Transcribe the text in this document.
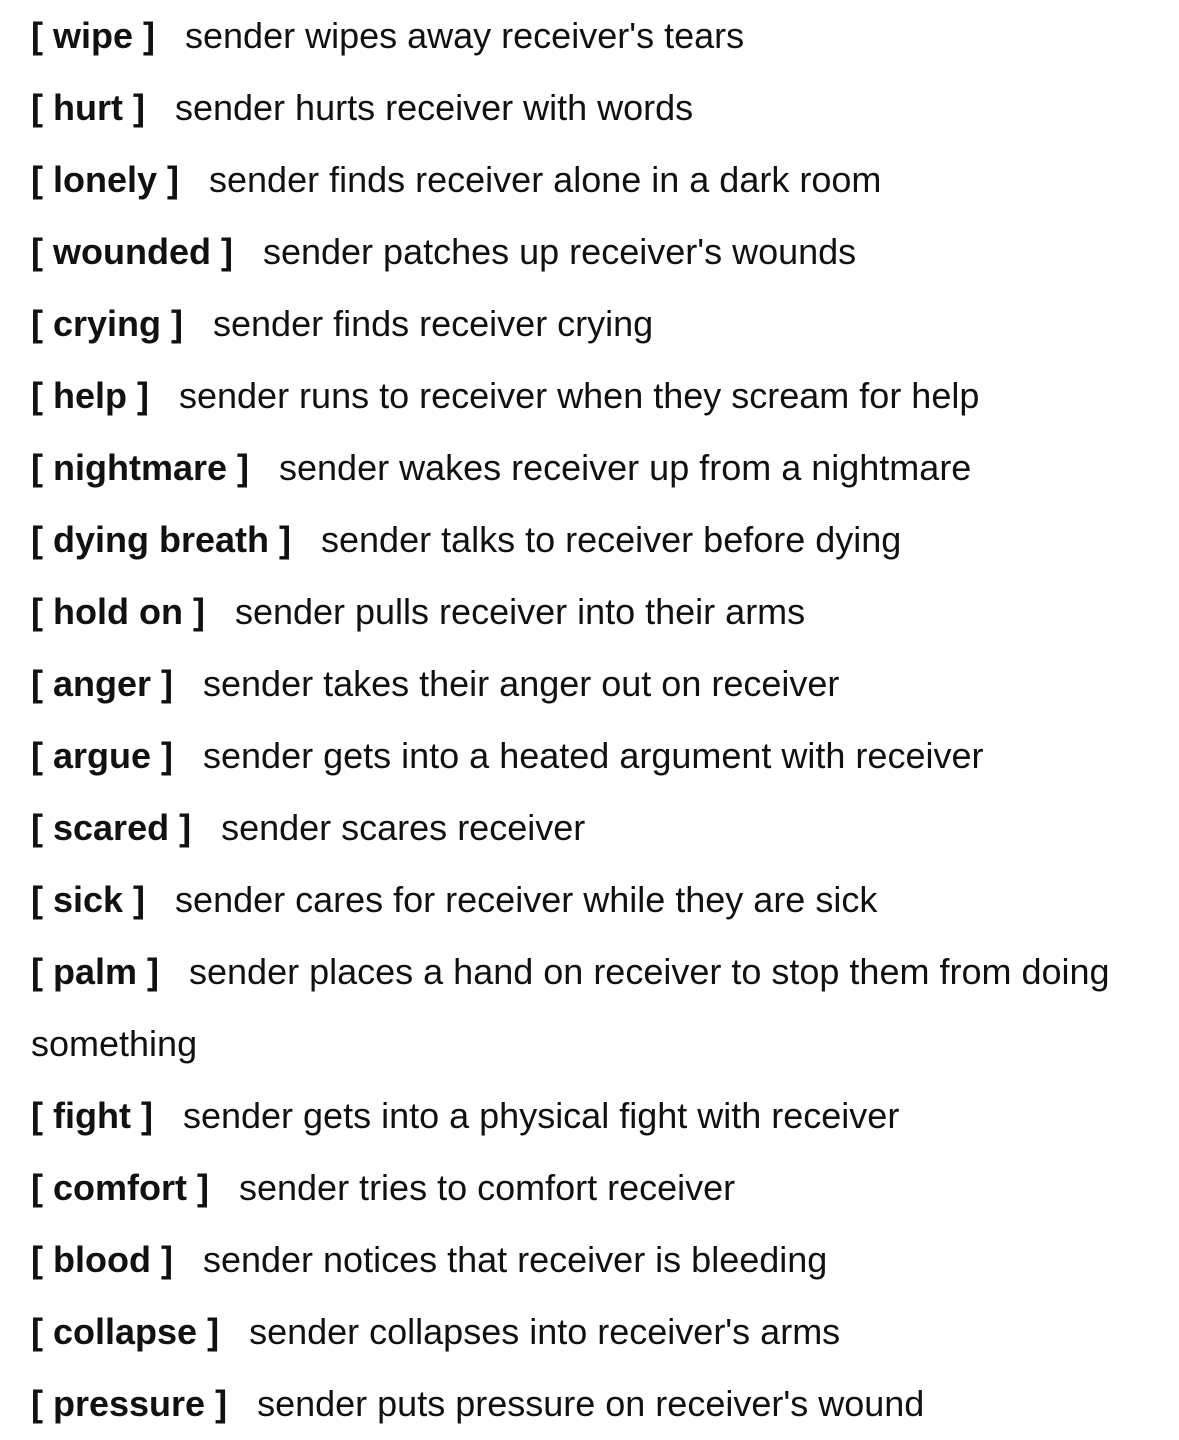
[ wipe ] sender wipes away receiver's tears

[ hurt ] sender hurts receiver with words

[ lonely ] sender finds receiver alone in a dark room

[ wounded ] sender patches up receiver's wounds

[ crying ] sender finds receiver crying

[ help ] sender runs to receiver when they scream for help

[ nightmare ] sender wakes receiver up from a nightmare

[ dying breath ] sender talks to receiver before dying

[ hold on ] sender pulls receiver into their arms

[ anger ] sender takes their anger out on receiver

[ argue ] sender gets into a heated argument with receiver

[ scared ] sender scares receiver

[ sick ] sender cares for receiver while they are sick

[ palm ] sender places a hand on receiver to stop them from doing something

[ fight ] sender gets into a physical fight with receiver

[ comfort ] sender tries to comfort receiver

[ blood ] sender notices that receiver is bleeding

[ collapse ] sender collapses into receiver's arms

[ pressure ] sender puts pressure on receiver's wound
